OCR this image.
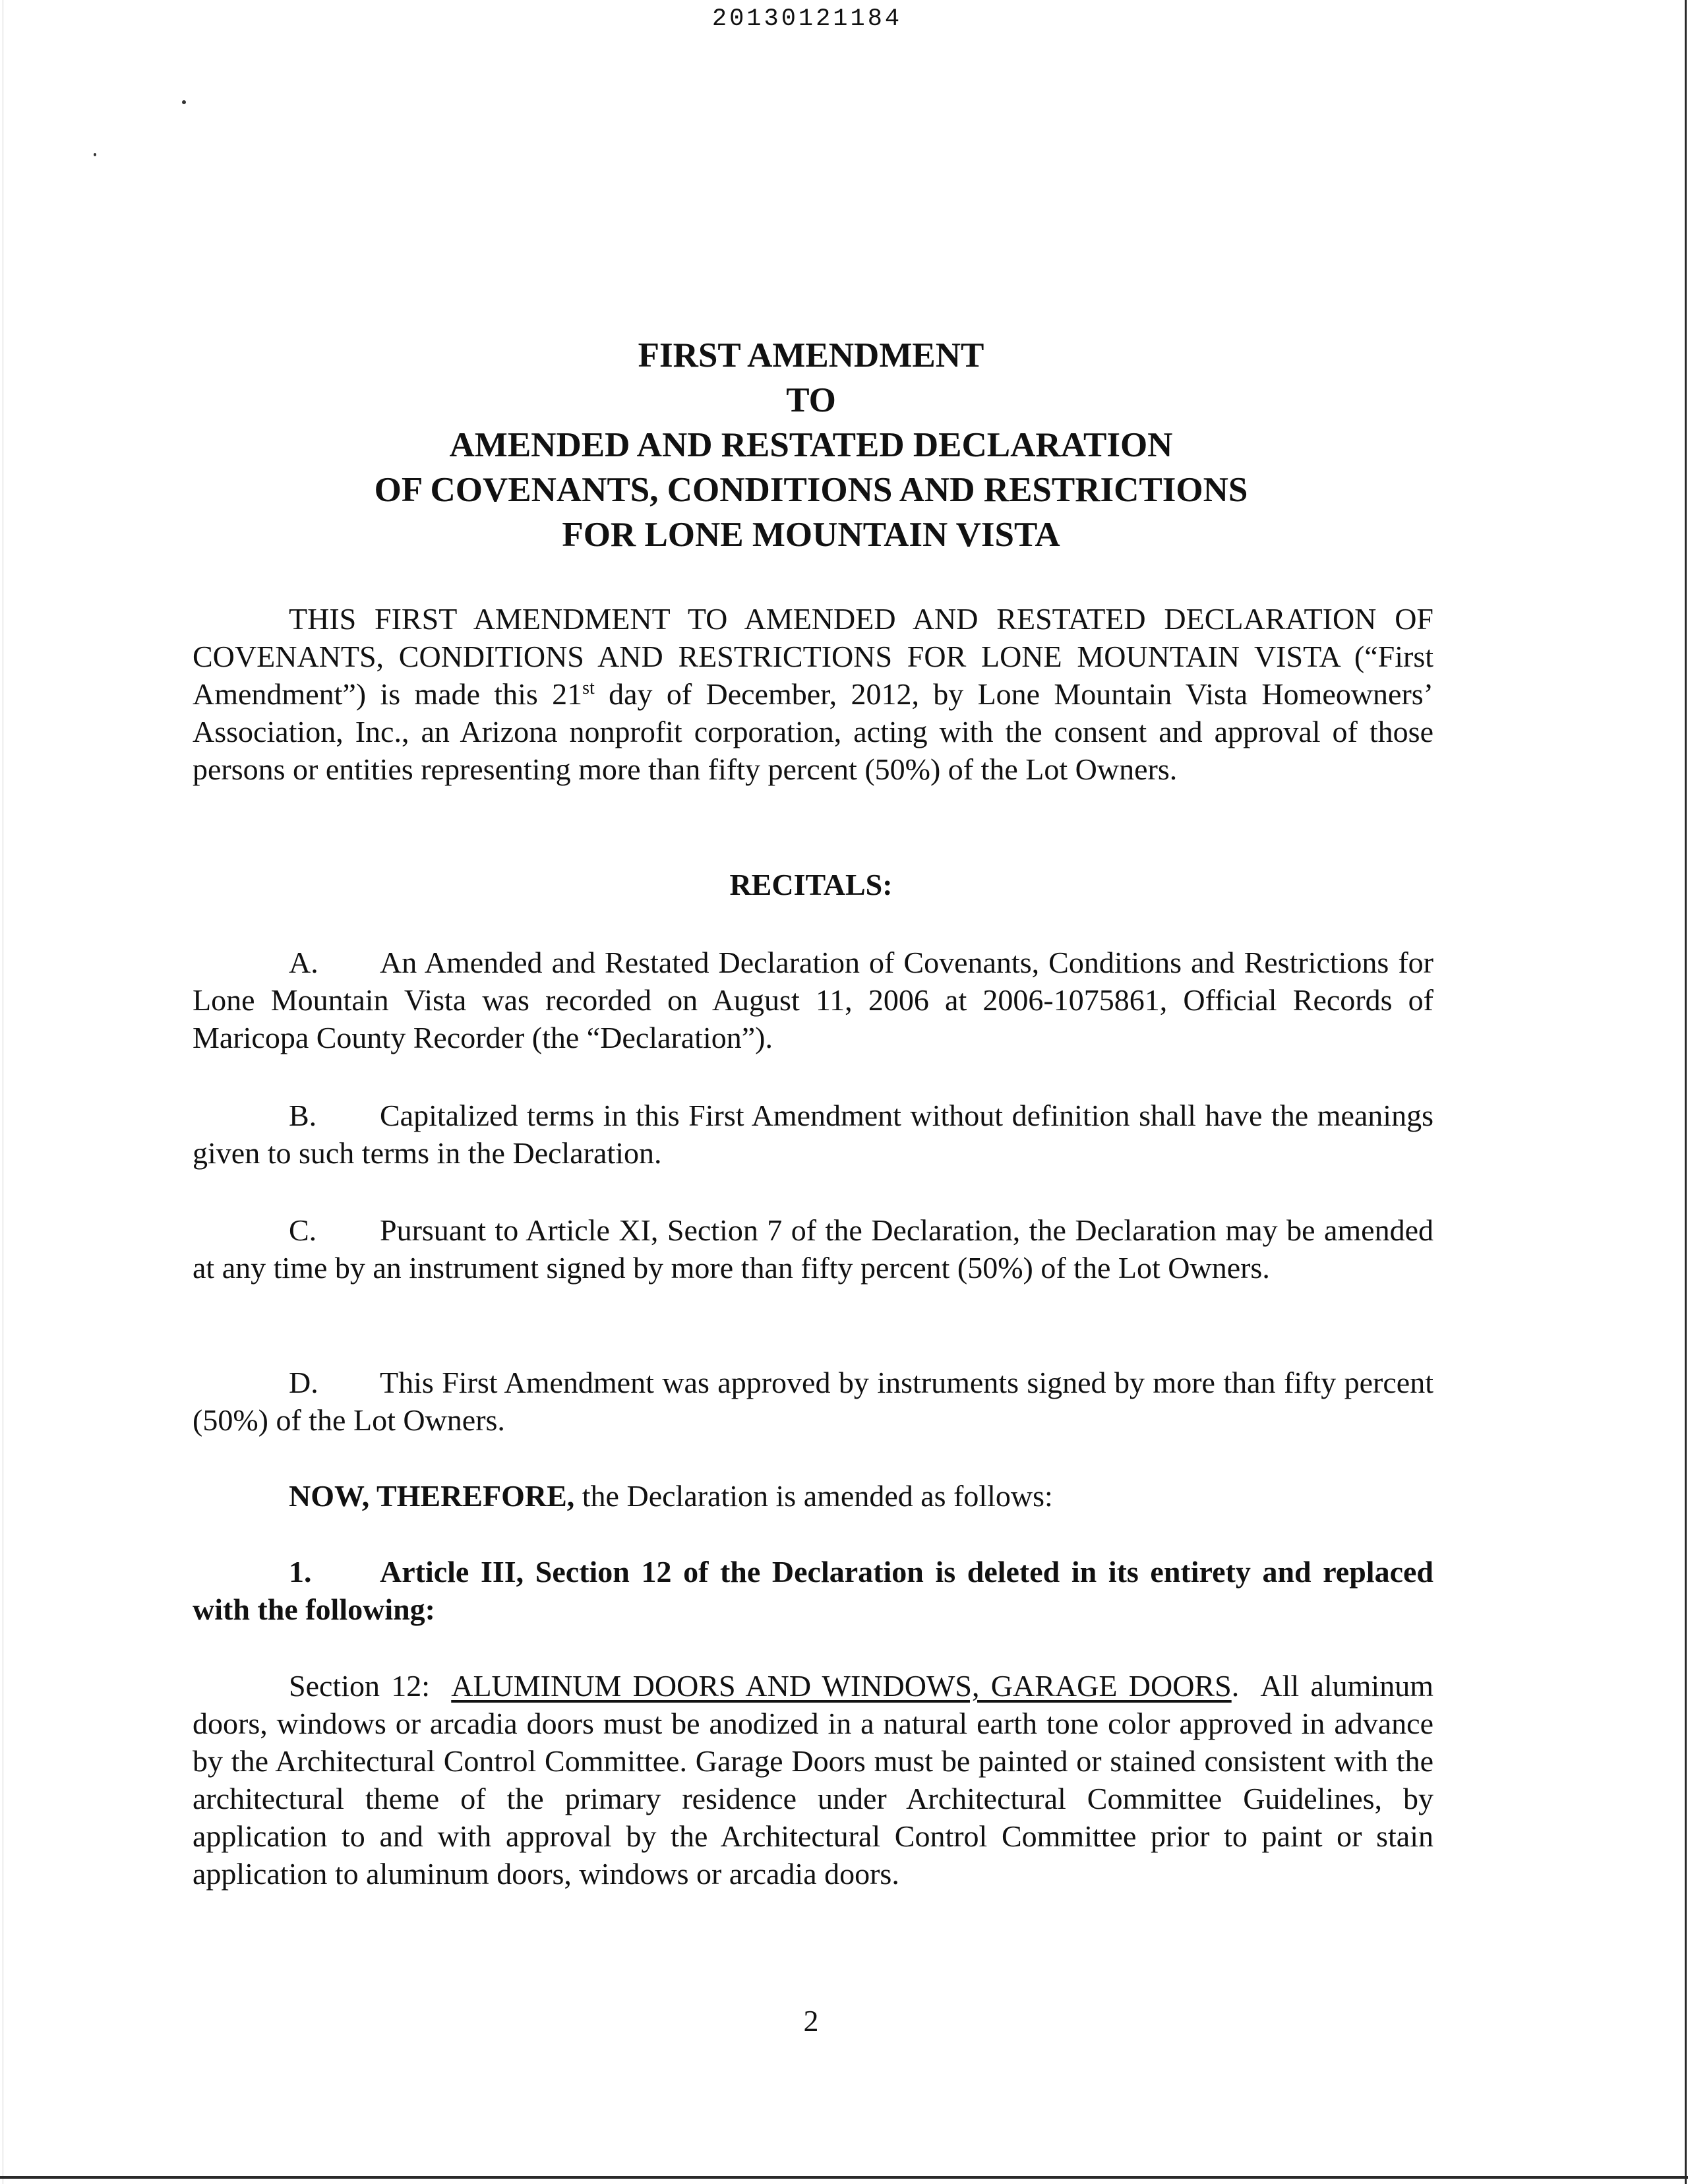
20130121184
FIRST AMENDMENT
TO
AMENDED AND RESTATED DECLARATION
OF COVENANTS, CONDITIONS AND RESTRICTIONS
FOR LONE MOUNTAIN VISTA
THIS FIRST AMENDMENT TO AMENDED AND RESTATED DECLARATION OF COVENANTS, CONDITIONS AND RESTRICTIONS FOR LONE MOUNTAIN VISTA (“First Amendment”) is made this 21st day of December, 2012, by Lone Mountain Vista Homeowners’ Association, Inc., an Arizona nonprofit corporation, acting with the consent and approval of those persons or entities representing more than fifty percent (50%) of the Lot Owners.
RECITALS:
A. An Amended and Restated Declaration of Covenants, Conditions and Restrictions for Lone Mountain Vista was recorded on August 11, 2006 at 2006-1075861, Official Records of Maricopa County Recorder (the “Declaration”).
B. Capitalized terms in this First Amendment without definition shall have the meanings given to such terms in the Declaration.
C. Pursuant to Article XI, Section 7 of the Declaration, the Declaration may be amended at any time by an instrument signed by more than fifty percent (50%) of the Lot Owners.
D. This First Amendment was approved by instruments signed by more than fifty percent (50%) of the Lot Owners.
NOW, THEREFORE, the Declaration is amended as follows:
1. Article III, Section 12 of the Declaration is deleted in its entirety and replaced with the following:
Section 12: ALUMINUM DOORS AND WINDOWS, GARAGE DOORS. All aluminum doors, windows or arcadia doors must be anodized in a natural earth tone color approved in advance by the Architectural Control Committee. Garage Doors must be painted or stained consistent with the architectural theme of the primary residence under Architectural Committee Guidelines, by application to and with approval by the Architectural Control Committee prior to paint or stain application to aluminum doors, windows or arcadia doors.
2
